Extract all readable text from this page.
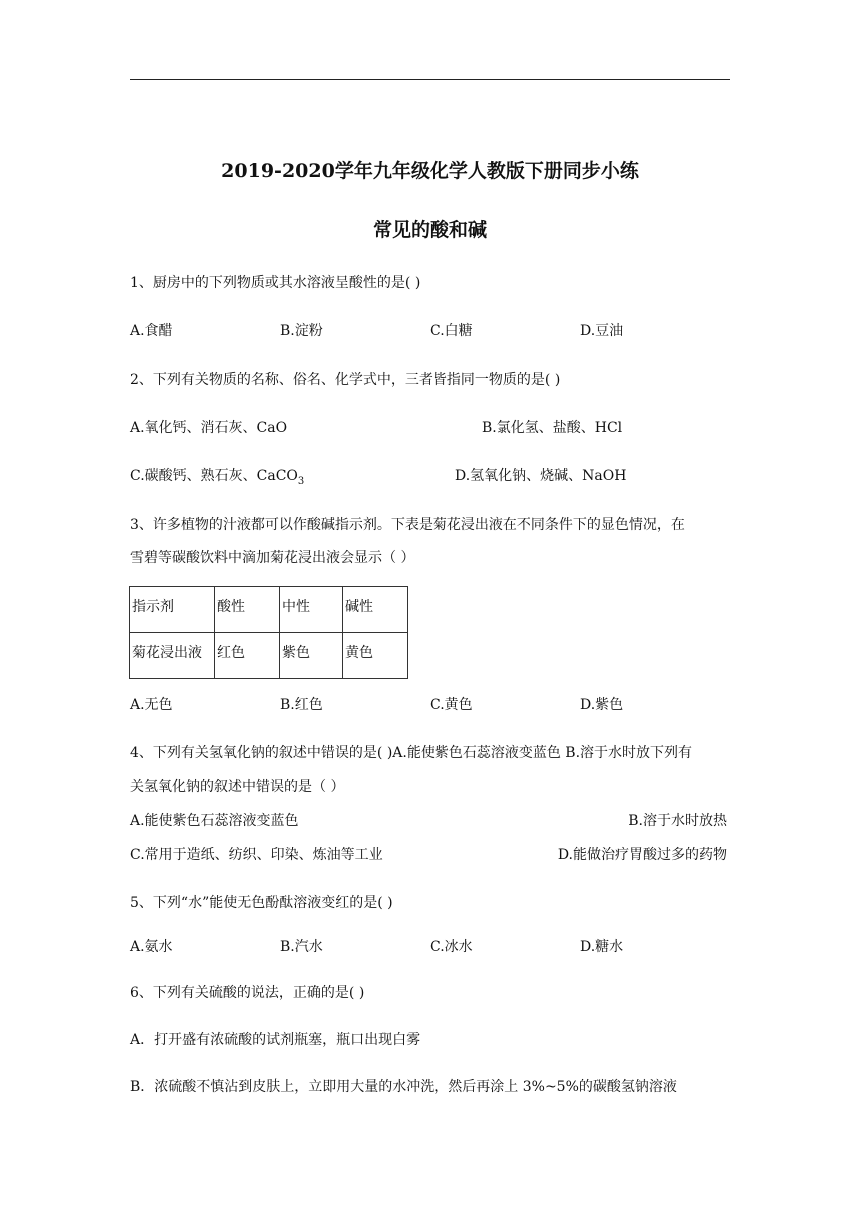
2019-2020学年九年级化学人教版下册同步小练
常见的酸和碱
1、厨房中的下列物质或其水溶液呈酸性的是( )
A.食醋	B.淀粉	C.白糖	D.豆油
2、下列有关物质的名称、俗名、化学式中，三者皆指同一物质的是( )
A.氧化钙、消石灰、CaO	B.氯化氢、盐酸、HCl
C.碳酸钙、熟石灰、CaCO$_3$	D.氢氧化钠、烧碱、NaOH
3、许多植物的汁液都可以作酸碱指示剂。下表是菊花浸出液在不同条件下的显色情况，在
雪碧等碳酸饮料中滴加菊花浸出液会显示（ ）
指示剂	酸性	中性	碱性
菊花浸出液	红色	紫色	黄色
A.无色	B.红色	C.黄色	D.紫色
4、下列有关氢氧化钠的叙述中错误的是( )A.能使紫色石蕊溶液变蓝色 B.溶于水时放下列有
关氢氧化钠的叙述中错误的是（ ）
A.能使紫色石蕊溶液变蓝色	B.溶于水时放热
C.常用于造纸、纺织、印染、炼油等工业	D.能做治疗胃酸过多的药物
5、下列“水”能使无色酚酞溶液变红的是( )
A.氨水	B.汽水	C.冰水	D.糖水
6、下列有关硫酸的说法，正确的是( )
A．打开盛有浓硫酸的试剂瓶塞，瓶口出现白雾
B．浓硫酸不慎沾到皮肤上，立即用大量的水冲洗，然后再涂上 3%~5%的碳酸氢钠溶液
